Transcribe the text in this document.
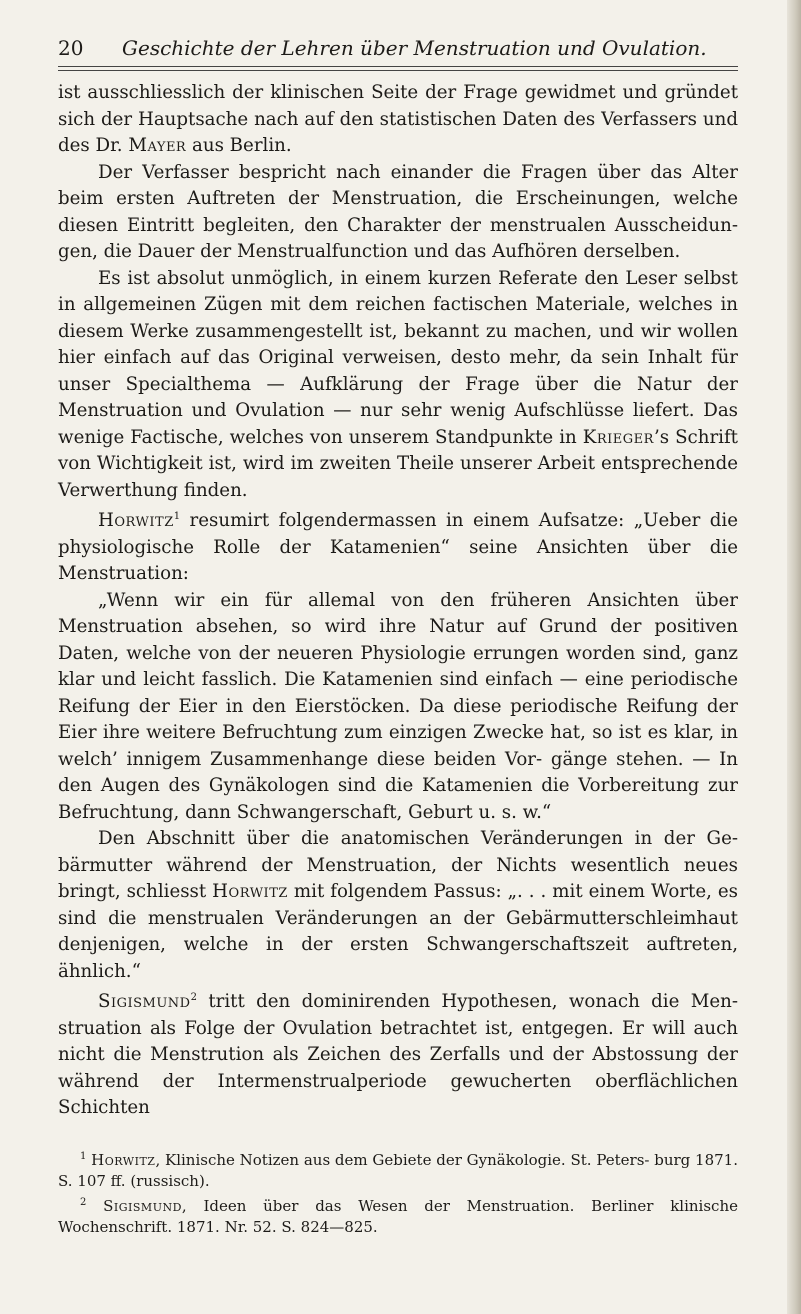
20 Geschichte der Lehren über Menstruation und Ovulation.

ist ausschliesslich der klinischen Seite der Frage gewidmet und gründet sich der Hauptsache nach auf den statistischen Daten des Verfassers und des Dr. Mayer aus Berlin.

Der Verfasser bespricht nach einander die Fragen über das Alter beim ersten Auftreten der Menstruation, die Erscheinungen, welche diesen Eintritt begleiten, den Charakter der menstrualen Ausscheidun- gen, die Dauer der Menstrualfunction und das Aufhören derselben.

Es ist absolut unmöglich, in einem kurzen Referate den Leser selbst in allgemeinen Zügen mit dem reichen factischen Materiale, welches in diesem Werke zusammengestellt ist, bekannt zu machen, und wir wollen hier einfach auf das Original verweisen, desto mehr, da sein Inhalt für unser Specialthema — Aufklärung der Frage über die Natur der Menstruation und Ovulation — nur sehr wenig Aufschlüsse liefert. Das wenige Factische, welches von unserem Standpunkte in Krieger’s Schrift von Wichtigkeit ist, wird im zweiten Theile unserer Arbeit entsprechende Verwerthung finden.

Horwitz$^1$ resumirt folgendermassen in einem Aufsatze: „Ueber die physiologische Rolle der Katamenien“ seine Ansichten über die Menstruation:

„Wenn wir ein für allemal von den früheren Ansichten über Menstruation absehen, so wird ihre Natur auf Grund der positiven Daten, welche von der neueren Physiologie errungen worden sind, ganz klar und leicht fasslich. Die Katamenien sind einfach — eine periodische Reifung der Eier in den Eierstöcken. Da diese periodische Reifung der Eier ihre weitere Befruchtung zum einzigen Zwecke hat, so ist es klar, in welch’ innigem Zusammenhange diese beiden Vor- gänge stehen. — In den Augen des Gynäkologen sind die Katamenien die Vorbereitung zur Befruchtung, dann Schwangerschaft, Geburt u. s. w.“

Den Abschnitt über die anatomischen Veränderungen in der Ge- bärmutter während der Menstruation, der Nichts wesentlich neues bringt, schliesst Horwitz mit folgendem Passus: „. . . mit einem Worte, es sind die menstrualen Veränderungen an der Gebärmutterschleimhaut denjenigen, welche in der ersten Schwangerschaftszeit auftreten, ähnlich.“

Sigismund$^2$ tritt den dominirenden Hypothesen, wonach die Men- struation als Folge der Ovulation betrachtet ist, entgegen. Er will auch nicht die Menstrution als Zeichen des Zerfalls und der Abstossung der während der Intermenstrualperiode gewucherten oberflächlichen Schichten

$^1$ Horwitz, Klinische Notizen aus dem Gebiete der Gynäkologie. St. Peters- burg 1871. S. 107 ff. (russisch).

$^2$ Sigismund, Ideen über das Wesen der Menstruation. Berliner klinische Wochenschrift. 1871. Nr. 52. S. 824—825.
